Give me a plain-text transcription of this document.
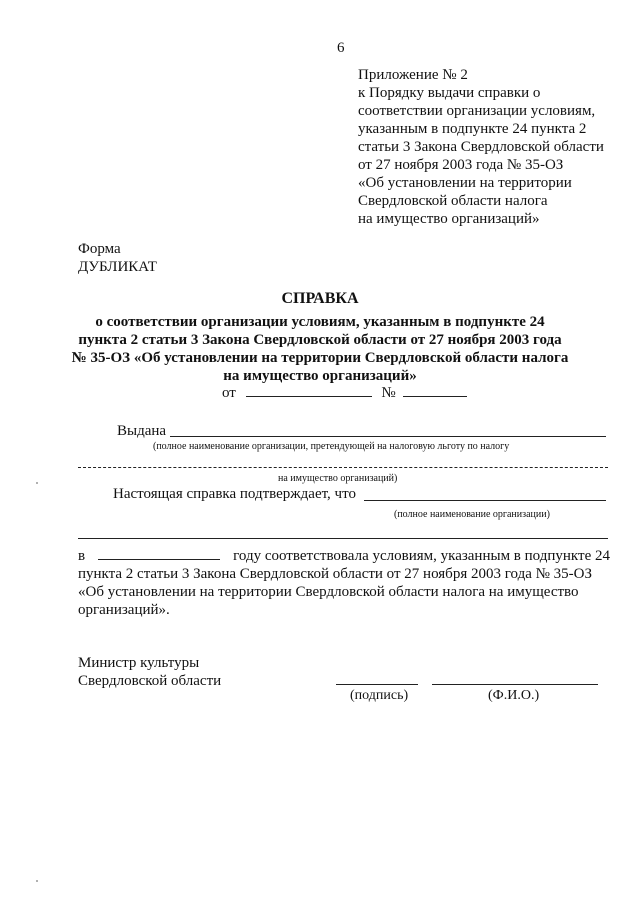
6
Приложение № 2
к Порядку выдачи справки о
соответствии организации условиям,
указанным в подпункте 24 пункта 2
статьи 3 Закона Свердловской области
от 27 ноября 2003 года № 35-ОЗ
«Об установлении на территории
Свердловской области налога
на имущество организаций»
Форма
ДУБЛИКАТ
СПРАВКА
о соответствии организации условиям, указанным в подпункте 24
пункта 2 статьи 3 Закона Свердловской области от 27 ноября 2003 года
№ 35-ОЗ «Об установлении на территории Свердловской области налога
на имущество организаций»
от	№
Выдана
(полное наименование организации, претендующей на налоговую льготу по налогу
на имущество организаций)
Настоящая справка подтверждает, что
(полное наименование организации)
в	году соответствовала условиям, указанным в подпункте 24
пункта 2 статьи 3 Закона Свердловской области от 27 ноября 2003 года № 35-ОЗ
«Об установлении на территории Свердловской области налога на имущество
организаций».
Министр культуры
Свердловской области
(подпись)	(Ф.И.О.)
